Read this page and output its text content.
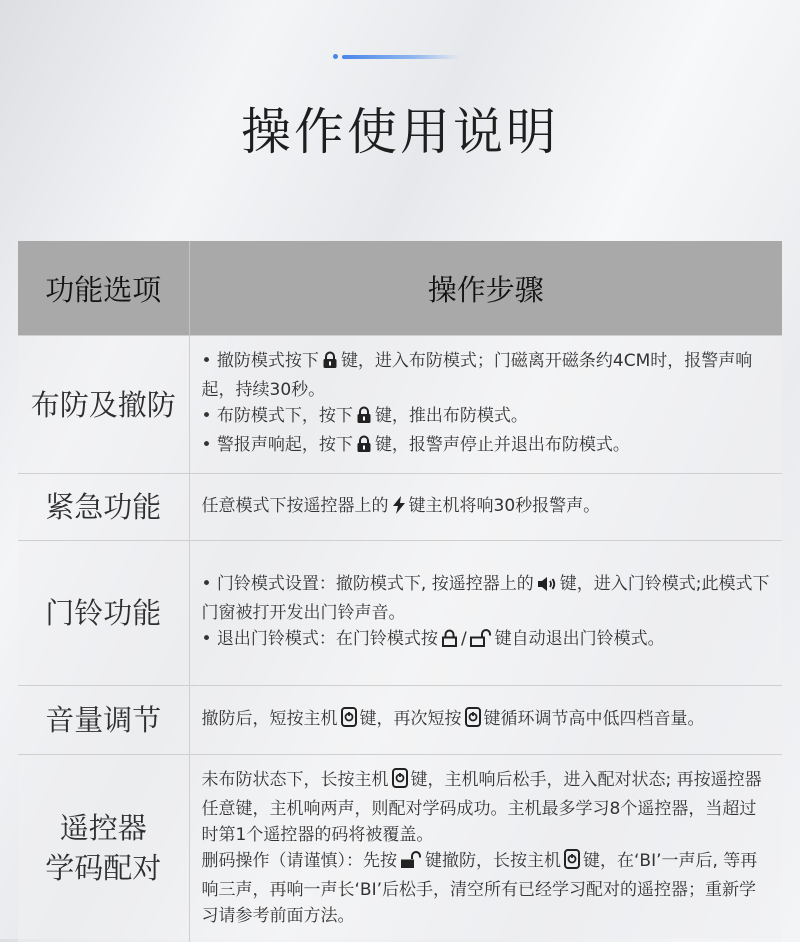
操作使用说明
功能选项	操作步骤
布防及撤防	• 撤防模式按下 键，进入布防模式；门磁离开磁条约4CM时，报警声响起，持续30秒。
• 布防模式下，按下 键，推出布防模式。
• 警报声响起，按下 键，报警声停止并退出布防模式。

紧急功能	任意模式下按遥控器上的 键主机将响30秒报警声。
门铃功能	• 门铃模式设置：撤防模式下, 按遥控器上的 键，进入门铃模式;此模式下门窗被打开发出门铃声音。
• 退出门铃模式：在门铃模式按 / 键自动退出门铃模式。

音量调节	撤防后，短按主机 键，再次短按 键循环调节高中低四档音量。

遥控器
学码配对	未布防状态下，长按主机 键，主机响后松手，进入配对状态; 再按遥控器任意键，主机响两声，则配对学码成功。主机最多学习8个遥控器，当超过时第1个遥控器的码将被覆盖。
删码操作（请谨慎）：先按 键撤防，长按主机 键，在‘BI’一声后, 等再响三声，再响一声长‘BI’后松手，清空所有已经学习配对的遥控器；重新学习请参考前面方法。
